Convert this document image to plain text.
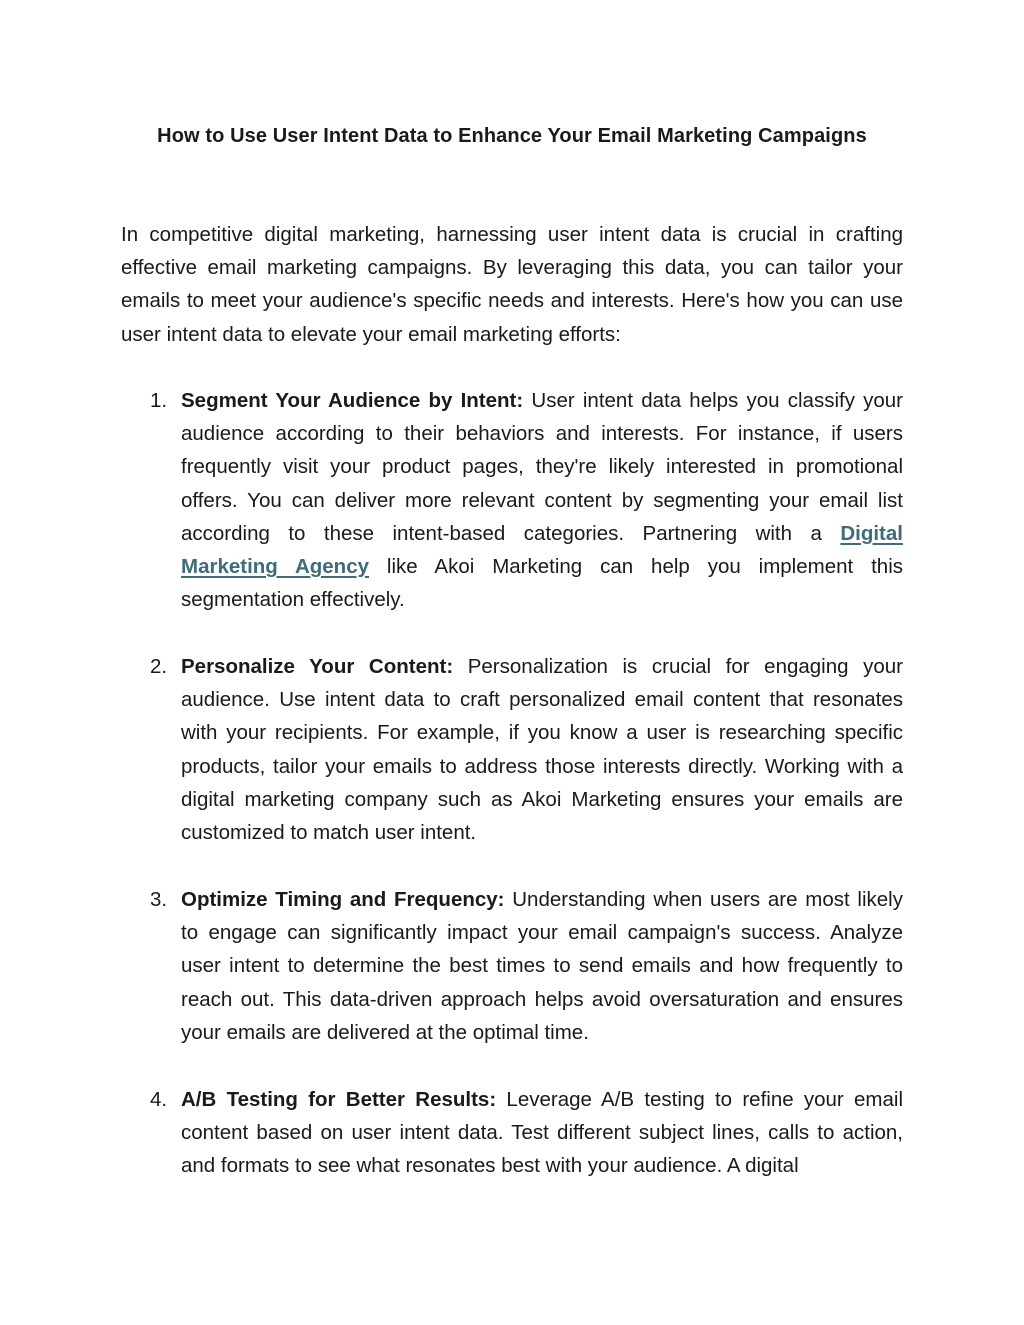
How to Use User Intent Data to Enhance Your Email Marketing Campaigns

In competitive digital marketing, harnessing user intent data is crucial in crafting effective email marketing campaigns. By leveraging this data, you can tailor your emails to meet your audience's specific needs and interests. Here's how you can use user intent data to elevate your email marketing efforts:

1. Segment Your Audience by Intent: User intent data helps you classify your audience according to their behaviors and interests. For instance, if users frequently visit your product pages, they're likely interested in promotional offers. You can deliver more relevant content by segmenting your email list according to these intent-based categories. Partnering with a Digital Marketing Agency like Akoi Marketing can help you implement this segmentation effectively.

2. Personalize Your Content: Personalization is crucial for engaging your audience. Use intent data to craft personalized email content that resonates with your recipients. For example, if you know a user is researching specific products, tailor your emails to address those interests directly. Working with a digital marketing company such as Akoi Marketing ensures your emails are customized to match user intent.

3. Optimize Timing and Frequency: Understanding when users are most likely to engage can significantly impact your email campaign's success. Analyze user intent to determine the best times to send emails and how frequently to reach out. This data-driven approach helps avoid oversaturation and ensures your emails are delivered at the optimal time.

4. A/B Testing for Better Results: Leverage A/B testing to refine your email content based on user intent data. Test different subject lines, calls to action, and formats to see what resonates best with your audience. A digital
